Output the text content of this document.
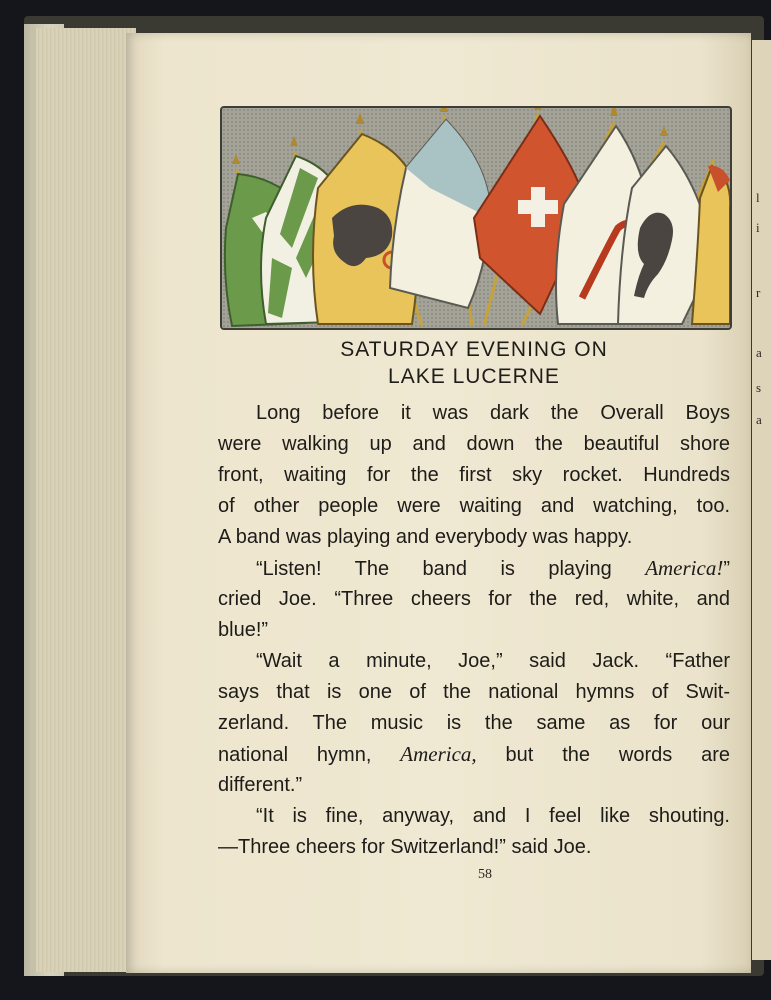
l
i
r
a
s
a
SATURDAY EVENING ON
LAKE LUCERNE
Long before it was dark the Overall Boys
were walking up and down the beautiful shore
front, waiting for the first sky rocket. Hundreds
of other people were waiting and watching, too.
A band was playing and everybody was happy.
“Listen! The band is playing America!”
cried Joe. “Three cheers for the red, white, and
blue!”
“Wait a minute, Joe,” said Jack. “Father
says that is one of the national hymns of Swit-
zerland. The music is the same as for our
national hymn, America, but the words are
different.”
“It is fine, anyway, and I feel like shouting.
—Three cheers for Switzerland!” said Joe.
58
